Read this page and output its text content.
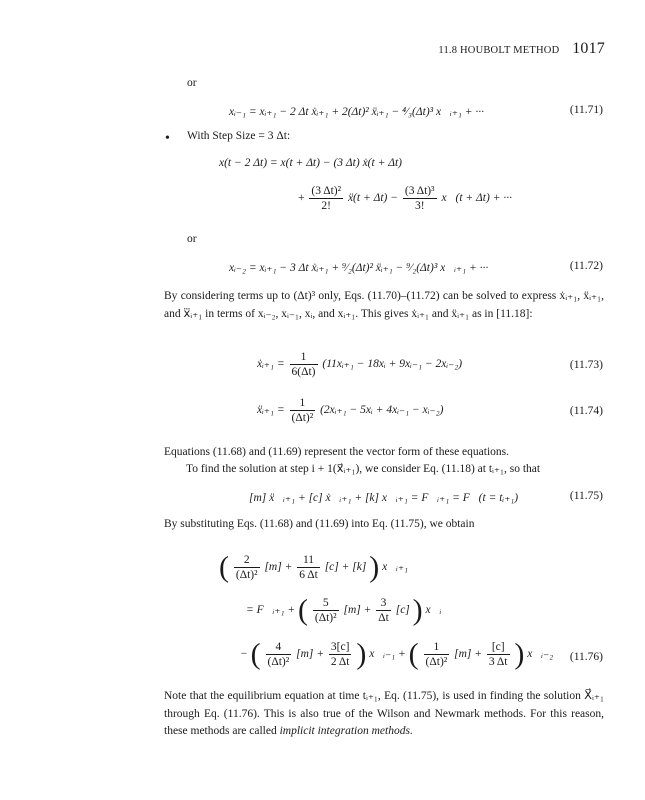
11.8 HOUBOLT METHOD 1017
or
xᵢ₋₁ = xᵢ₊₁ − 2 Δt ẋᵢ₊₁ + 2(Δt)² ẍᵢ₊₁ − ⁴⁄₃(Δt)³ x⃛ᵢ₊₁ + ···	(11.71)
• With Step Size = 3 Δt:
x(t − 2 Δt) = x(t + Δt) − (3 Δt) ẋ(t + Δt)
+ $\frac{\text{(3 Δt)²}}{2!}$ ẍ(t + $\Delta t) - \frac{\text{(3 Δt)³}}{3!}$ x⃛(t + Δt) + ···
or
xᵢ₋₂ = xᵢ₊₁ − 3 Δt ẋᵢ₊₁ + ⁹⁄₂(Δt)² ẍᵢ₊₁ − ⁹⁄₂(Δt)³ x⃛ᵢ₊₁ + ···	(11.72)
By considering terms up to (Δt)³ only, Eqs. (11.70)–(11.72) can be solved to express ẋᵢ₊₁, ẍᵢ₊₁, and x⃛ᵢ₊₁ in terms of xᵢ₋₂, xᵢ₋₁, xᵢ, and xᵢ₊₁. This gives ẋᵢ₊₁ and ẍᵢ₊₁ as in [11.18]:
ẋᵢ₊₁ = $\frac{1}{6(\Delta t)}$ (11xᵢ₊₁ − 18xᵢ + 9xᵢ₋₁ − 2xᵢ₋₂)	(11.73)
ẍᵢ₊₁ = $\frac{1}{\text{(Δt)²}}$ (2xᵢ₊₁ − 5xᵢ + 4xᵢ₋₁ − xᵢ₋₂)	(11.74)
Equations (11.68) and (11.69) represent the vector form of these equations.
To find the solution at step i + 1(x⃗ᵢ₊₁), we consider Eq. (11.18) at tᵢ₊₁, so that
[m] ẍ⃗ᵢ₊₁ + [c] ẋ⃗ᵢ₊₁ + [k] x⃗ᵢ₊₁ = F⃗ᵢ₊₁ = F⃗(t = tᵢ₊₁)	(11.75)
By substituting Eqs. (11.68) and (11.69) into Eq. (11.75), we obtain
( $\frac{2}{\text{(Δt)²}} [m] + \frac{11}{6 \Delta t} [c] + [k]$ ) x⃗ᵢ₊₁
= F⃗ᵢ₊₁ + ( $\frac{5}{\text{(Δt)²}} [m] + \frac{3}{\Delta t} [c]$ ) x⃗ᵢ
− ( $\frac{4}{\text{(Δt)²}} [m] + \frac{3[c]}{2 \Delta t}$ ) x⃗ᵢ₋₁ + ( $\frac{1}{\text{(Δt)²}} [m] + \frac{[c]}{3 \Delta t}$ ) x⃗ᵢ₋₂ (11.76)
Note that the equilibrium equation at time tᵢ₊₁, Eq. (11.75), is used in finding the solution X⃗ᵢ₊₁ through Eq. (11.76). This is also true of the Wilson and Newmark methods. For this reason, these methods are called implicit integration methods.
